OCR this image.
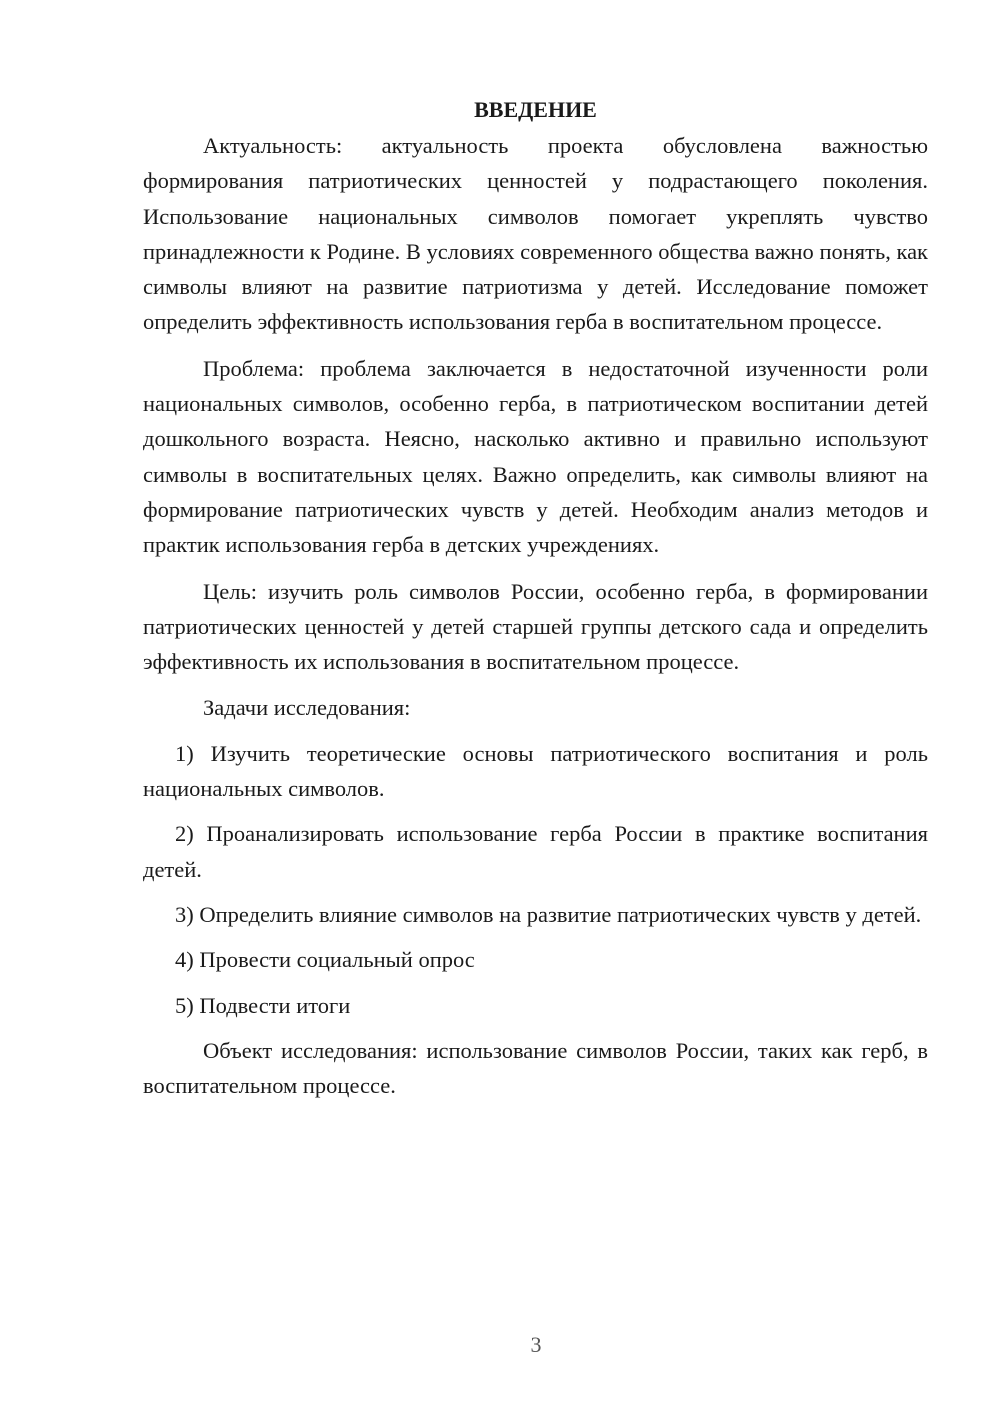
ВВЕДЕНИЕ

Актуальность: актуальность проекта обусловлена важностью формирования патриотических ценностей у подрастающего поколения. Использование национальных символов помогает укреплять чувство принадлежности к Родине. В условиях современного общества важно понять, как символы влияют на развитие патриотизма у детей. Исследование поможет определить эффективность использования герба в воспитательном процессе.

Проблема: проблема заключается в недостаточной изученности роли национальных символов, особенно герба, в патриотическом воспитании детей дошкольного возраста. Неясно, насколько активно и правильно используют символы в воспитательных целях. Важно определить, как символы влияют на формирование патриотических чувств у детей. Необходим анализ методов и практик использования герба в детских учреждениях.

Цель: изучить роль символов России, особенно герба, в формировании патриотических ценностей у детей старшей группы детского сада и определить эффективность их использования в воспитательном процессе.

Задачи исследования:

1) Изучить теоретические основы патриотического воспитания и роль национальных символов.

2) Проанализировать использование герба России в практике воспитания детей.

3) Определить влияние символов на развитие патриотических чувств у детей.

4) Провести социальный опрос

5) Подвести итоги

Объект исследования: использование символов России, таких как герб, в воспитательном процессе.

3
